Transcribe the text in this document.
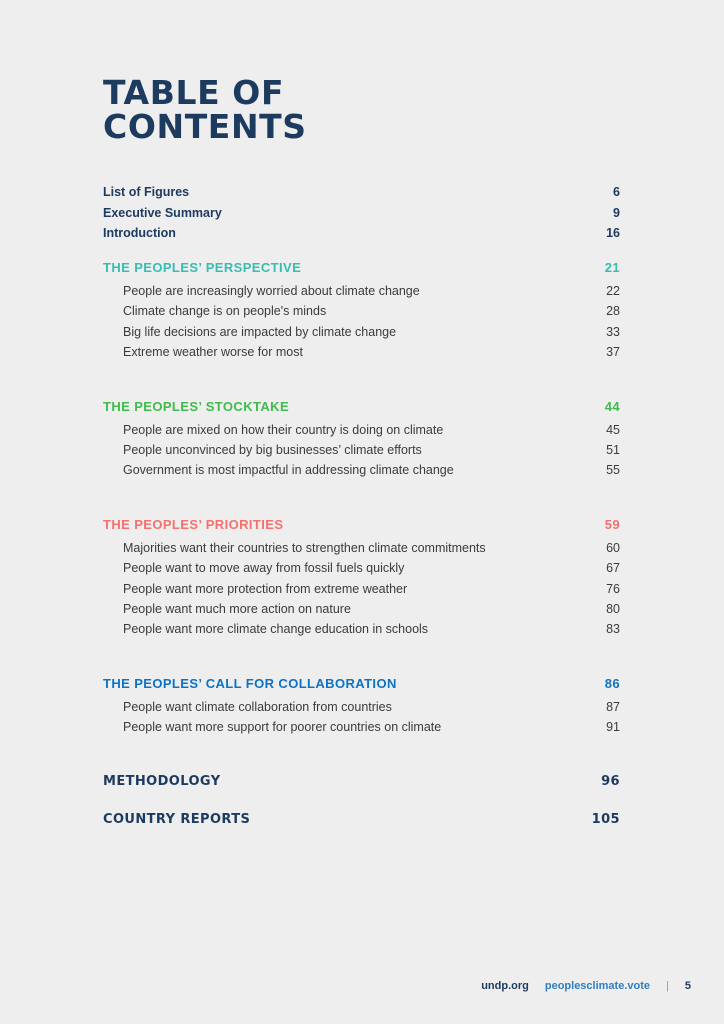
TABLE OF
CONTENTS
List of Figures	6
Executive Summary	9
Introduction	16
THE PEOPLES’ PERSPECTIVE	21
People are increasingly worried about climate change	22
Climate change is on people's minds	28
Big life decisions are impacted by climate change	33
Extreme weather worse for most	37
THE PEOPLES’ STOCKTAKE	44
People are mixed on how their country is doing on climate	45
People unconvinced by big businesses’ climate efforts	51
Government is most impactful in addressing climate change	55
THE PEOPLES’ PRIORITIES	59
Majorities want their countries to strengthen climate commitments	60
People want to move away from fossil fuels quickly	67
People want more protection from extreme weather	76
People want much more action on nature	80
People want more climate change education in schools	83
THE PEOPLES’ CALL FOR COLLABORATION	86
People want climate collaboration from countries	87
People want more support for poorer countries on climate	91
METHODOLOGY	96
COUNTRY REPORTS	105
undp.org peoplesclimate.vote | 5
